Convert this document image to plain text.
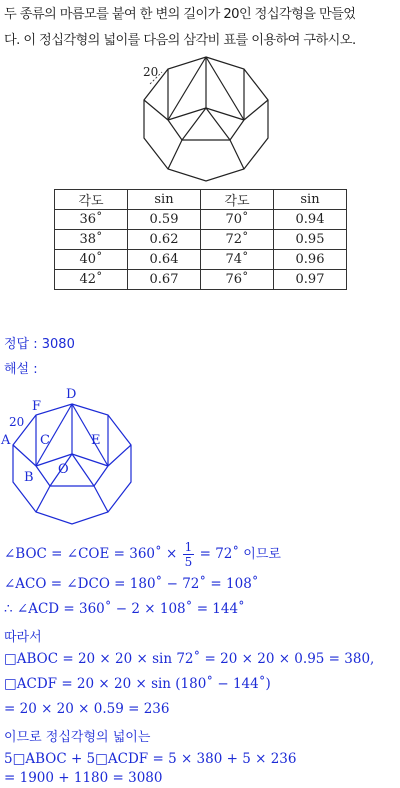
두 종류의 마름모를 붙여 한 변의 길이가 20인 정십각형을 만들었
다. 이 정십각형의 넓이를 다음의 삼각비 표를 이용하여 구하시오.
20
각도	sin	각도	sin
36˚	0.59	70˚	0.94
38˚	0.62	72˚	0.95
40˚	0.64	74˚	0.96
42˚	0.67	76˚	0.97
정답 : 3080
해설 :
D
F
20
A C	E
O
B
∠BOC = ∠COE = 360˚ × $\frac{1}{5}$ = 72˚ 이므로
∠ACO = ∠DCO = 180˚ − 72˚ = 108˚
∴ ∠ACD = 360˚ − 2 × 108˚ = 144˚
따라서
□ABOC = 20 × 20 × sin 72˚ = 20 × 20 × 0.95 = 380,
□ACDF = 20 × 20 × sin (180˚ − 144˚)
= 20 × 20 × 0.59 = 236
이므로 정십각형의 넓이는
5□ABOC + 5□ACDF = 5 × 380 + 5 × 236
= 1900 + 1180 = 3080
